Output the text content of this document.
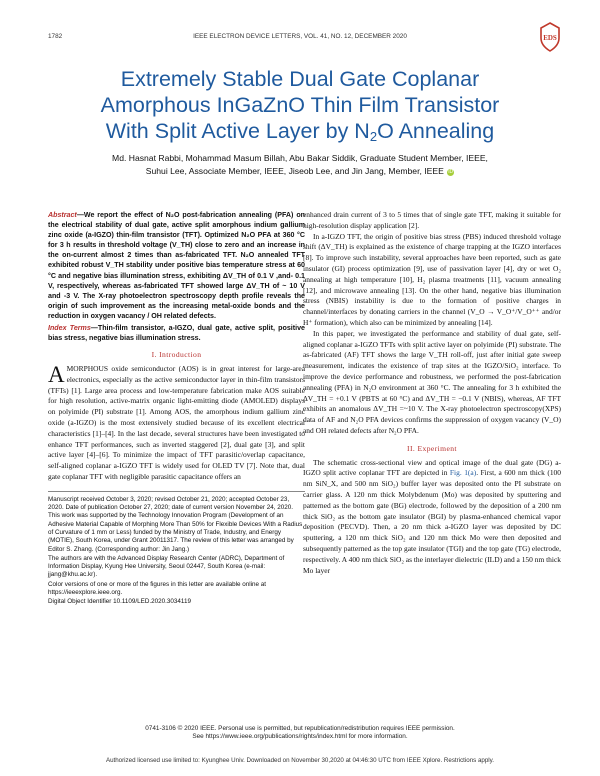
1782	IEEE ELECTRON DEVICE LETTERS, VOL. 41, NO. 12, DECEMBER 2020	EDS
Extremely Stable Dual Gate Coplanar
Amorphous InGaZnO Thin Film Transistor
With Split Active Layer by $N_2O$ Annealing
Md. Hasnat Rabbi, Mohammad Masum Billah, Abu Bakar Siddik, Graduate Student Member, IEEE,
Suhui Lee, Associate Member, IEEE, Jiseob Lee, and Jin Jang, Member, IEEE iD
Abstract—We report the effect of N₂O post-fabrication annealing (PFA) on the electrical stability of dual gate, active split amorphous indium gallium zinc oxide (a-IGZO) thin-film transistor (TFT). Optimized N₂O PFA at 360 °C for 3 h results in threshold voltage (V_TH) close to zero and an increase in the on-current almost 2 times than as-fabricated TFT. N₂O annealed TFT exhibited robust V_TH stability under positive bias temperature stress at 60 °C and negative bias illumination stress, exhibiting ΔV_TH of 0.1 V ,and- 0.1 V, respectively, whereas as-fabricated TFT showed large ΔV_TH of ~ 10 V and -3 V. The X-ray photoelectron spectroscopy depth profile reveals the origin of such improvement as the increasing metal-oxide bonds and the reduction in oxygen vacancy / OH related defects.
Index Terms—Thin-film transistor, a-IGZO, dual gate, active split, positive bias stress, negative bias illumination stress.
I. Introduction

AMORPHOUS oxide semiconductor (AOS) is in great interest for large-area electronics, especially as the active semiconductor layer in thin-film transistors (TFTs) [1]. Large area process and low-temperature fabrication make AOS suitable for high resolution, active-matrix organic light-emitting diode (AMOLED) displays on polyimide (PI) substrate [1]. Among AOS, the amorphous indium gallium zinc oxide (a-IGZO) is the most extensively studied because of its excellent electrical characteristics [1]–[4]. In the last decade, several structures have been investigated to enhance TFT performances, such as inverted staggered [2], dual gate [3], and split active layer [4]–[6]. To minimize the impact of TFT parasitic/overlap capacitance, self-aligned coplanar a-IGZO TFT is widely used for OLED TV [7]. Note that, dual gate coplanar TFT with negligible parasitic capacitance offers an

Manuscript received October 3, 2020; revised October 21, 2020; accepted October 23, 2020. Date of publication October 27, 2020; date of current version November 24, 2020. This work was supported by the Technology Innovation Program (Development of an Adhesive Material Capable of Morphing More Than 50% for Flexible Devices With a Radius of Curvature of 1 mm or Less) funded by the Ministry of Trade, Industry, and Energy (MOTIE), South Korea, under Grant 20011317. The review of this letter was arranged by Editor S. Zhang. (Corresponding author: Jin Jang.)
The authors are with the Advanced Display Research Center (ADRC), Department of Information Display, Kyung Hee University, Seoul 02447, South Korea (e-mail: jjang@khu.ac.kr).
Color versions of one or more of the figures in this letter are available online at https://ieeexplore.ieee.org.
Digital Object Identifier 10.1109/LED.2020.3034119

enhanced drain current of 3 to 5 times that of single gate TFT, making it suitable for high-resolution display application [2].

In a-IGZO TFT, the origin of positive bias stress (PBS) induced threshold voltage shift (ΔV_TH) is explained as the existence of charge trapping at the IGZO interfaces [8]. To improve such instability, several approaches have been reported, such as gate insulator (GI) process optimization [9], use of passivation layer [4], dry or wet O₂ annealing at high temperature [10], H₂ plasma treatments [11], vacuum annealing [12], and microwave annealing [13]. On the other hand, negative bias illumination stress (NBIS) instability is due to the formation of positive charges in channel/interfaces by donating carriers in the channel (V_O → V_O⁺/V_O⁺⁺ and/or H⁺ formation), which also can be minimized by annealing [14].

In this paper, we investigated the performance and stability of dual gate, self-aligned coplanar a-IGZO TFTs with split active layer on polyimide (PI) substrate. The as-fabricated (AF) TFT shows the large V_TH roll-off, just after initial gate sweep measurement, indicates the existence of trap sites at the IGZO/SiO₂ interface. To improve the device performance and robustness, we performed the post-fabrication annealing (PFA) in N₂O environment at 360 °C. The annealing for 3 h exhibited the ΔV_TH = +0.1 V (PBTS at 60 °C) and ΔV_TH = −0.1 V (NBIS), whereas, AF TFT exhibits an anomalous ΔV_TH =~10 V. The X-ray photoelectron spectroscopy(XPS) data of AF and N₂O PFA devices confirms the suppression of oxygen vacancy (V_O) and OH related defects after N₂O PFA.

II. Experiment

The schematic cross-sectional view and optical image of the dual gate (DG) a-IGZO split active coplanar TFT are depicted in Fig. 1(a). First, a 600 nm thick (100 nm SiN_X, and 500 nm SiO₂) buffer layer was deposited onto the PI substrate on carrier glass. A 120 nm thick Molybdenum (Mo) was deposited by sputtering and patterned as the bottom gate (BG) electrode, followed by the deposition of a 200 nm thick SiO₂ as the bottom gate insulator (BGI) by plasma-enhanced chemical vapor deposition (PECVD). Then, a 20 nm thick a-IGZO layer was deposited by DC sputtering, a 120 nm thick SiO₂ and 120 nm thick Mo were then deposited and subsequently patterned as the top gate insulator (TGI) and the top gate (TG) electrode, respectively. A 400 nm thick SiO₂ as the interlayer dielectric (ILD) and a 150 nm thick Mo layer

0741-3106 © 2020 IEEE. Personal use is permitted, but republication/redistribution requires IEEE permission.
See https://www.ieee.org/publications/rights/index.html for more information.
Authorized licensed use limited to: Kyunghee Univ. Downloaded on November 30,2020 at 04:46:30 UTC from IEEE Xplore. Restrictions apply.
